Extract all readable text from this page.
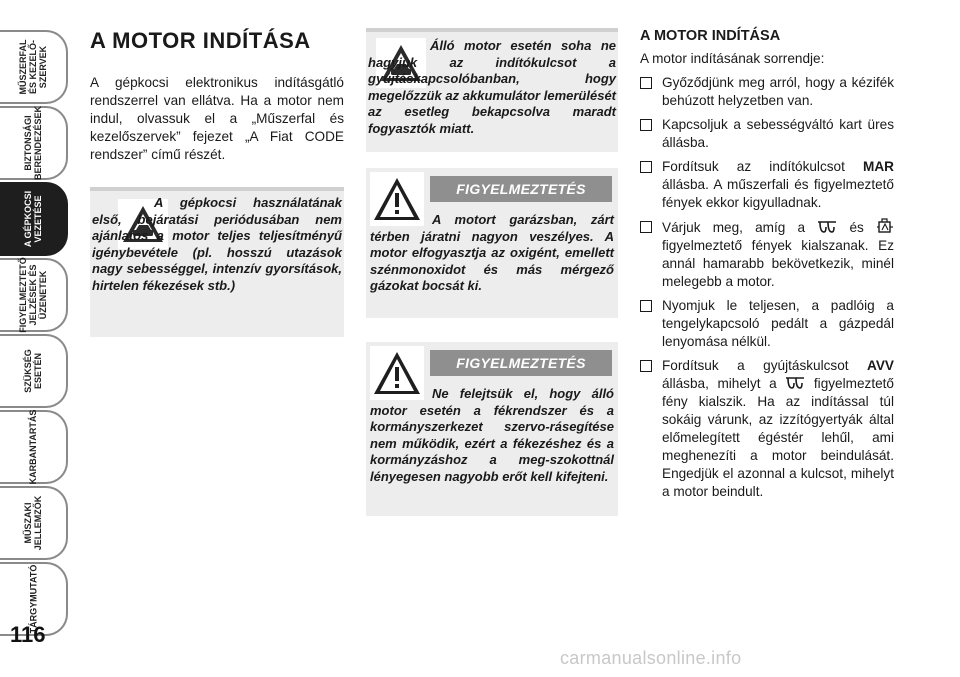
MŰSZERFAL ÉS KEZELŐ- SZERVEK
BIZTONSÁGI BERENDEZÉSEK
A GÉPKOCSI VEZETÉSE
FIGYELMEZTETŐ JELZÉSEK ÉS ÜZENETEK
SZÜKSÉG ESETÉN
KARBANTARTÁS
MŰSZAKI JELLEMZŐK
TÁRGYMUTATÓ
116
A MOTOR INDÍTÁSA
A gépkocsi elektronikus indításgátló rendszerrel van ellátva. Ha a motor nem indul, olvassuk el a „Műszerfal és kezelőszervek” fejezet „A Fiat CODE rendszer” című részét.
A gépkocsi használatának első, bejáratási periódusában nem ajánlatos a motor teljes teljesítményű igénybevétele (pl. hosszú utazások nagy sebességgel, intenzív gyorsítások, hirtelen fékezések stb.)
Álló motor esetén soha ne hagyjuk az indítókulcsot a gyújtáskapcsolóbanban, hogy megelőzzük az akkumulátor lemerülését az esetleg bekapcsolva maradt fogyasztók miatt.
FIGYELMEZTETÉS
A motort garázsban, zárt térben járatni nagyon veszélyes. A motor elfogyasztja az oxigént, emellett szénmonoxidot és más mérgező gázokat bocsát ki.
FIGYELMEZTETÉS
Ne felejtsük el, hogy álló motor esetén a fékrendszer és a kormányszerkezet szervo-rásegítése nem működik, ezért a fékezéshez és a kormányzáshoz a meg-szokottnál lényegesen nagyobb erőt kell kifejteni.
A MOTOR INDÍTÁSA
A motor indításának sorrendje:
Győződjünk meg arról, hogy a kézifék behúzott helyzetben van.
Kapcsoljuk a sebességváltó kart üres állásba.
Fordítsuk az indítókulcsot MAR állásba. A műszerfali és figyelmeztető fények ekkor kigyulladnak.
Várjuk meg, amíg a  és  figyelmeztető fények kialszanak. Ez annál hamarabb bekövetkezik, minél melegebb a motor.
Nyomjuk le teljesen, a padlóig a tengelykapcsoló pedált a gázpedál lenyomása nélkül.
Fordítsuk a gyújtáskulcsot AVV állásba, mihelyt a  figyelmeztető fény kialszik. Ha az indítással túl sokáig várunk, az izzítógyertyák által előmelegített égéstér lehűl, ami meghenezíti a motor beindulását. Engedjük el azonnal a kulcsot, mihelyt a motor beindult.
carmanualsonline.info
